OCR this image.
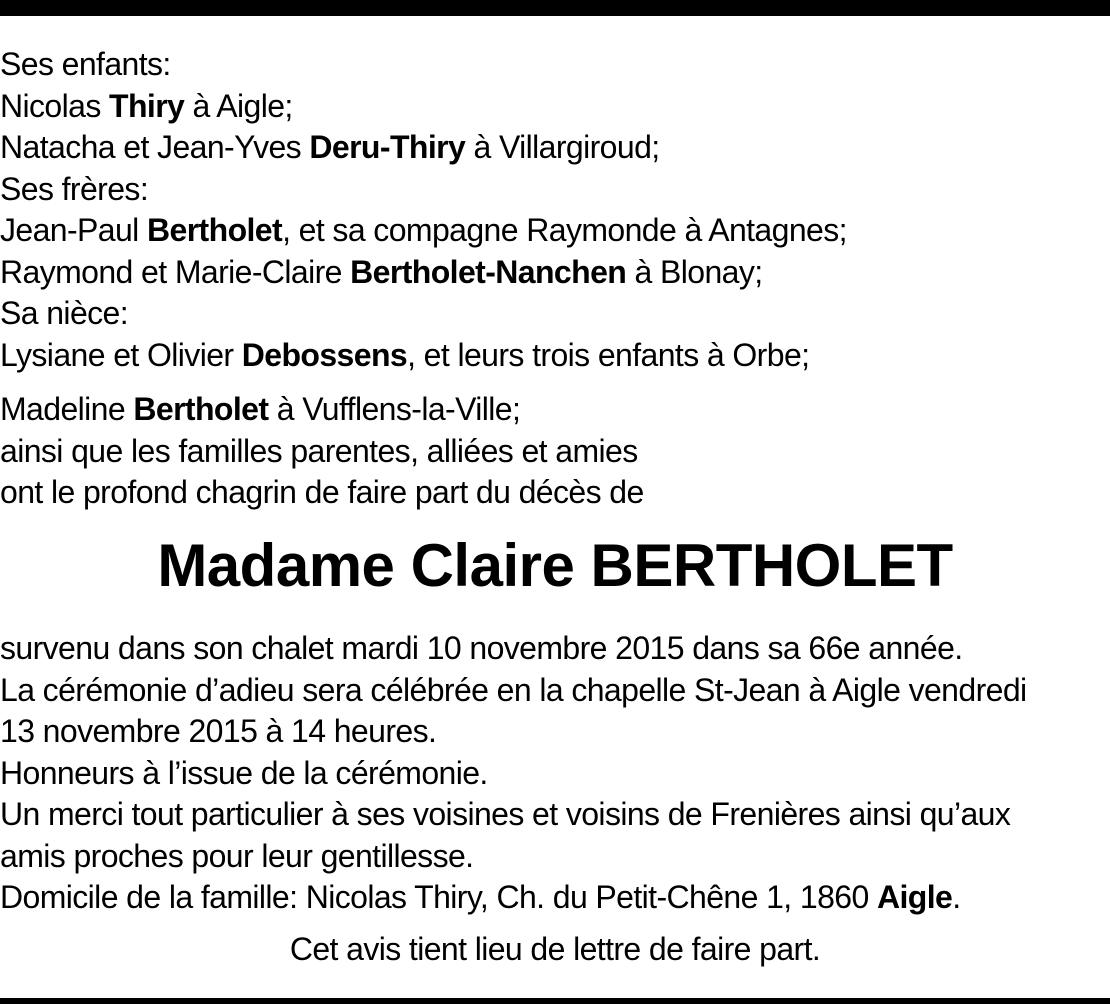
Ses enfants:
Nicolas Thiry à Aigle;
Natacha et Jean-Yves Deru-Thiry à Villargiroud;
Ses frères:
Jean-Paul Bertholet, et sa compagne Raymonde à Antagnes;
Raymond et Marie-Claire Bertholet-Nanchen à Blonay;
Sa nièce:
Lysiane et Olivier Debossens, et leurs trois enfants à Orbe;
Madeline Bertholet à Vufflens-la-Ville;
ainsi que les familles parentes, alliées et amies
ont le profond chagrin de faire part du décès de
Madame Claire BERTHOLET
survenu dans son chalet mardi 10 novembre 2015 dans sa 66e année.
La cérémonie d’adieu sera célébrée en la chapelle St-Jean à Aigle vendredi
13 novembre 2015 à 14 heures.
Honneurs à l’issue de la cérémonie.
Un merci tout particulier à ses voisines et voisins de Frenières ainsi qu’aux
amis proches pour leur gentillesse.
Domicile de la famille: Nicolas Thiry, Ch. du Petit-Chêne 1, 1860 Aigle.
Cet avis tient lieu de lettre de faire part.
